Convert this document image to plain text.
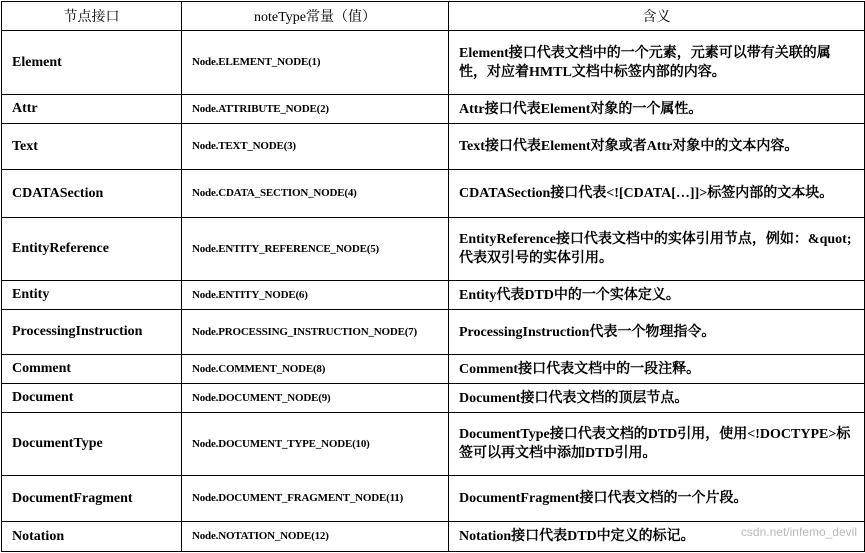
节点接口	noteType常量（值）	含义
Element	Node.ELEMENT_NODE(1)	Element接口代表文档中的一个元素，元素可以带有关联的属性，对应着HMTL文档中标签内部的内容。
Attr	Node.ATTRIBUTE_NODE(2)	Attr接口代表Element对象的一个属性。
Text	Node.TEXT_NODE(3)	Text接口代表Element对象或者Attr对象中的文本内容。
CDATASection	Node.CDATA_SECTION_NODE(4)	CDATASection接口代表<![CDATA[…]]>标签内部的文本块。
EntityReference	Node.ENTITY_REFERENCE_NODE(5)	EntityReference接口代表文档中的实体引用节点，例如：&quot;代表双引号的实体引用。
Entity	Node.ENTITY_NODE(6)	Entity代表DTD中的一个实体定义。
ProcessingInstruction	Node.PROCESSING_INSTRUCTION_NODE(7)	ProcessingInstruction代表一个物理指令。
Comment	Node.COMMENT_NODE(8)	Comment接口代表文档中的一段注释。
Document	Node.DOCUMENT_NODE(9)	Document接口代表文档的顶层节点。
DocumentType	Node.DOCUMENT_TYPE_NODE(10)	DocumentType接口代表文档的DTD引用，使用<!DOCTYPE>标签可以再文档中添加DTD引用。
DocumentFragment	Node.DOCUMENT_FRAGMENT_NODE(11)	DocumentFragment接口代表文档的一个片段。
Notation	Node.NOTATION_NODE(12)	Notation接口代表DTD中定义的标记。	csdn.net/infemo_devil
